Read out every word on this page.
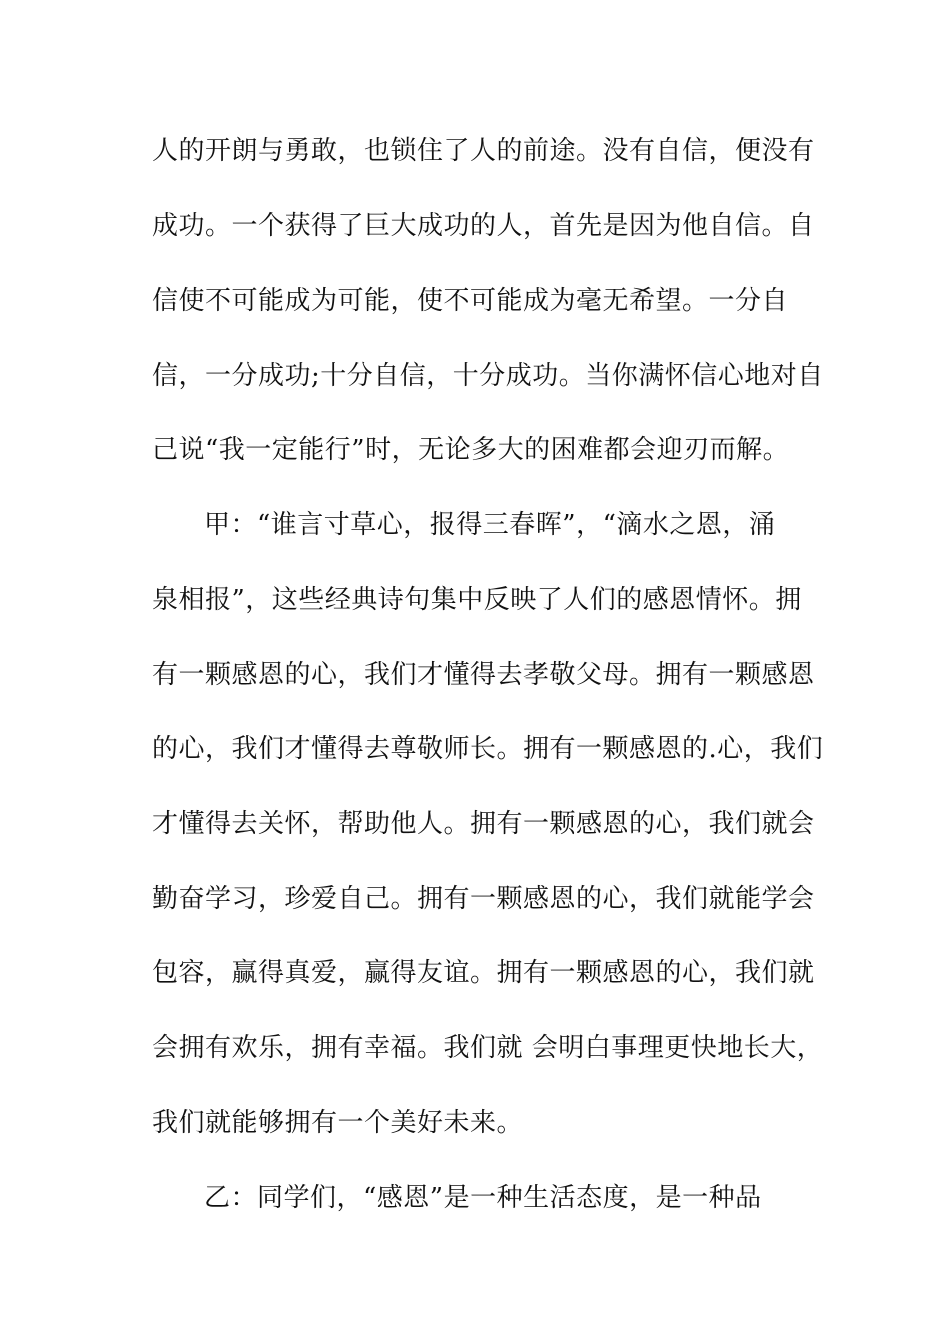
人的开朗与勇敢，也锁住了人的前途。没有自信，便没有
成功。一个获得了巨大成功的人，首先是因为他自信。自
信使不可能成为可能，使不可能成为毫无希望。一分自
信，一分成功;十分自信，十分成功。当你满怀信心地对自
己说“我一定能行”时，无论多大的困难都会迎刃而解。
甲：“谁言寸草心，报得三春晖”，“滴水之恩，涌
泉相报”，这些经典诗句集中反映了人们的感恩情怀。拥
有一颗感恩的心，我们才懂得去孝敬父母。拥有一颗感恩
的心，我们才懂得去尊敬师长。拥有一颗感恩的.心，我们
才懂得去关怀，帮助他人。拥有一颗感恩的心，我们就会
勤奋学习，珍爱自己。拥有一颗感恩的心，我们就能学会
包容，赢得真爱，赢得友谊。拥有一颗感恩的心，我们就
会拥有欢乐，拥有幸福。我们就 会明白事理更快地长大，
我们就能够拥有一个美好未来。
乙：同学们，“感恩”是一种生活态度，是一种品
